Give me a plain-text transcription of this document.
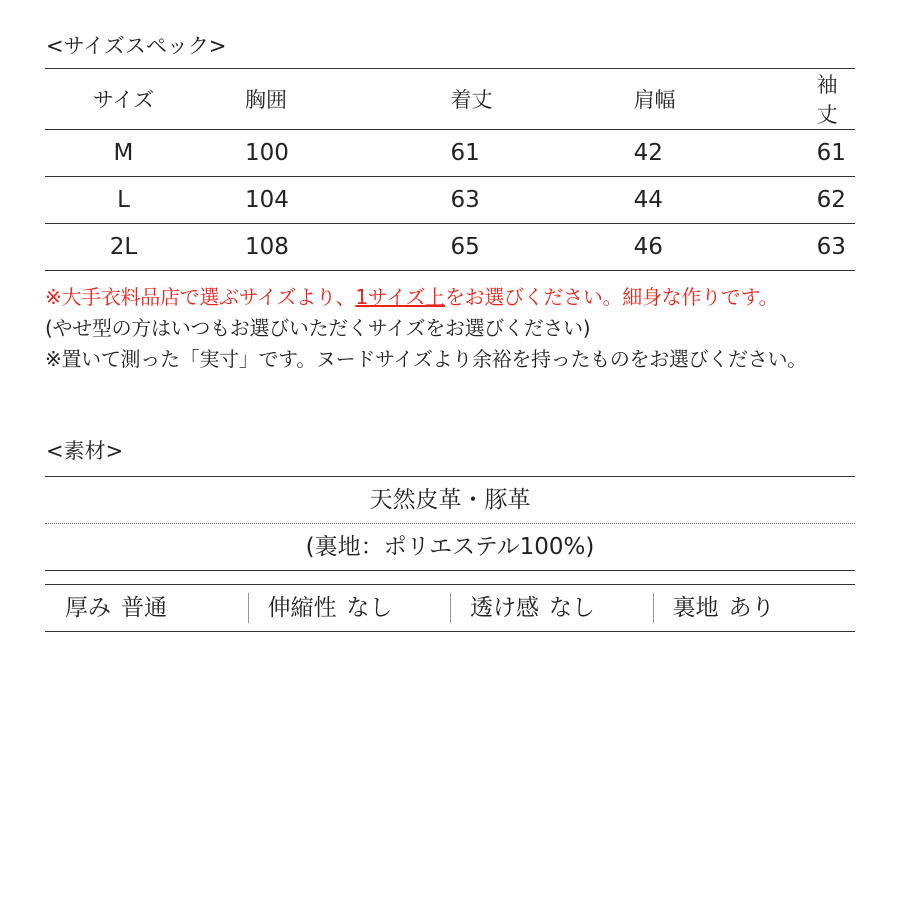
<サイズスペック>
サイズ	胸囲	着丈	肩幅	袖丈
M	100	61	42	61
L	104	63	44	62
2L	108	65	46	63
※大手衣料品店で選ぶサイズより、1サイズ上をお選びください。細身な作りです。
(やせ型の方はいつもお選びいただくサイズをお選びください)
※置いて測った「実寸」です。ヌードサイズより余裕を持ったものをお選びください。
<素材>
天然皮革・豚革
(裏地：ポリエステル100%)
厚み 普通	伸縮性 なし	透け感 なし	裏地 あり
